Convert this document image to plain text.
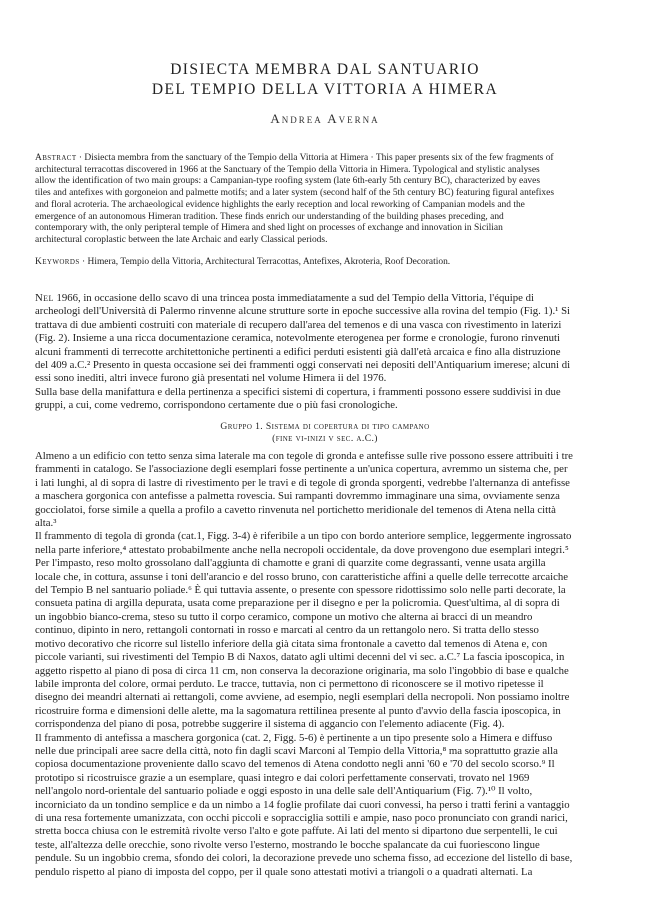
DISIECTA MEMBRA DAL SANTUARIO
DEL TEMPIO DELLA VITTORIA A HIMERA
Andrea Averna
Abstract · Disiecta membra from the sanctuary of the Tempio della Vittoria at Himera · This paper presents six of the few fragments of
architectural terracottas discovered in 1966 at the Sanctuary of the Tempio della Vittoria in Himera. Typological and stylistic analyses
allow the identification of two main groups: a Campanian-type roofing system (late 6th-early 5th century BC), characterized by eaves
tiles and antefixes with gorgoneion and palmette motifs; and a later system (second half of the 5th century BC) featuring figural antefixes
and floral acroteria. The archaeological evidence highlights the early reception and local reworking of Campanian models and the
emergence of an autonomous Himeran tradition. These finds enrich our understanding of the building phases preceding, and
contemporary with, the only peripteral temple of Himera and shed light on processes of exchange and innovation in Sicilian
architectural coroplastic between the late Archaic and early Classical periods.
Keywords · Himera, Tempio della Vittoria, Architectural Terracottas, Antefixes, Akroteria, Roof Decoration.
Nel 1966, in occasione dello scavo di una trincea posta immediatamente a sud del Tempio della Vittoria, l'équipe di
archeologi dell'Università di Palermo rinvenne alcune strutture sorte in epoche successive alla rovina del tempio (Fig. 1).¹ Si
trattava di due ambienti costruiti con materiale di recupero dall'area del temenos e di una vasca con rivestimento in laterizi
(Fig. 2). Insieme a una ricca documentazione ceramica, notevolmente eterogenea per forme e cronologie, furono rinvenuti
alcuni frammenti di terrecotte architettoniche pertinenti a edifici perduti esistenti già dall'età arcaica e fino alla distruzione
del 409 a.C.² Presento in questa occasione sei dei frammenti oggi conservati nei depositi dell'Antiquarium imerese; alcuni di
essi sono inediti, altri invece furono già presentati nel volume Himera ii del 1976.
Sulla base della manifattura e della pertinenza a specifici sistemi di copertura, i frammenti possono essere suddivisi in due
gruppi, a cui, come vedremo, corrispondono certamente due o più fasi cronologiche.
Gruppo 1. Sistema di copertura di tipo campano
(fine vi-inizi v sec. a.C.)
Almeno a un edificio con tetto senza sima laterale ma con tegole di gronda e antefisse sulle rive possono essere attribuiti i tre
frammenti in catalogo. Se l'associazione degli esemplari fosse pertinente a un'unica copertura, avremmo un sistema che, per
i lati lunghi, al di sopra di lastre di rivestimento per le travi e di tegole di gronda sporgenti, vedrebbe l'alternanza di antefisse
a maschera gorgonica con antefisse a palmetta rovescia. Sui rampanti dovremmo immaginare una sima, ovviamente senza
gocciolatoi, forse simile a quella a profilo a cavetto rinvenuta nel portichetto meridionale del temenos di Atena nella città
alta.³
Il frammento di tegola di gronda (cat.1, Figg. 3-4) è riferibile a un tipo con bordo anteriore semplice, leggermente ingrossato
nella parte inferiore,⁴ attestato probabilmente anche nella necropoli occidentale, da dove provengono due esemplari integri.⁵
Per l'impasto, reso molto grossolano dall'aggiunta di chamotte e grani di quarzite come degrassanti, venne usata argilla
locale che, in cottura, assunse i toni dell'arancio e del rosso bruno, con caratteristiche affini a quelle delle terrecotte arcaiche
del Tempio B nel santuario poliade.⁶ È qui tuttavia assente, o presente con spessore ridottissimo solo nelle parti decorate, la
consueta patina di argilla depurata, usata come preparazione per il disegno e per la policromia. Quest'ultima, al di sopra di
un ingobbio bianco-crema, steso su tutto il corpo ceramico, compone un motivo che alterna ai bracci di un meandro
continuo, dipinto in nero, rettangoli contornati in rosso e marcati al centro da un rettangolo nero. Si tratta dello stesso
motivo decorativo che ricorre sul listello inferiore della già citata sima frontonale a cavetto dal temenos di Atena e, con
piccole varianti, sui rivestimenti del Tempio B di Naxos, datato agli ultimi decenni del vi sec. a.C.⁷ La fascia iposcopica, in
aggetto rispetto al piano di posa di circa 11 cm, non conserva la decorazione originaria, ma solo l'ingobbio di base e qualche
labile impronta del colore, ormai perduto. Le tracce, tuttavia, non ci permettono di riconoscere se il motivo ripetesse il
disegno dei meandri alternati ai rettangoli, come avviene, ad esempio, negli esemplari della necropoli. Non possiamo inoltre
ricostruire forma e dimensioni delle alette, ma la sagomatura rettilinea presente al punto d'avvio della fascia iposcopica, in
corrispondenza del piano di posa, potrebbe suggerire il sistema di aggancio con l'elemento adiacente (Fig. 4).
Il frammento di antefissa a maschera gorgonica (cat. 2, Figg. 5-6) è pertinente a un tipo presente solo a Himera e diffuso
nelle due principali aree sacre della città, noto fin dagli scavi Marconi al Tempio della Vittoria,⁸ ma soprattutto grazie alla
copiosa documentazione proveniente dallo scavo del temenos di Atena condotto negli anni '60 e '70 del secolo scorso.⁹ Il
prototipo si ricostruisce grazie a un esemplare, quasi integro e dai colori perfettamente conservati, trovato nel 1969
nell'angolo nord-orientale del santuario poliade e oggi esposto in una delle sale dell'Antiquarium (Fig. 7).¹⁰ Il volto,
incorniciato da un tondino semplice e da un nimbo a 14 foglie profilate dai cuori convessi, ha perso i tratti ferini a vantaggio
di una resa fortemente umanizzata, con occhi piccoli e sopracciglia sottili e ampie, naso poco pronunciato con grandi narici,
stretta bocca chiusa con le estremità rivolte verso l'alto e gote paffute. Ai lati del mento si dipartono due serpentelli, le cui
teste, all'altezza delle orecchie, sono rivolte verso l'esterno, mostrando le bocche spalancate da cui fuoriescono lingue
pendule. Su un ingobbio crema, sfondo dei colori, la decorazione prevede uno schema fisso, ad eccezione del listello di base,
pendulo rispetto al piano di imposta del coppo, per il quale sono attestati motivi a triangoli o a quadrati alternati. La
